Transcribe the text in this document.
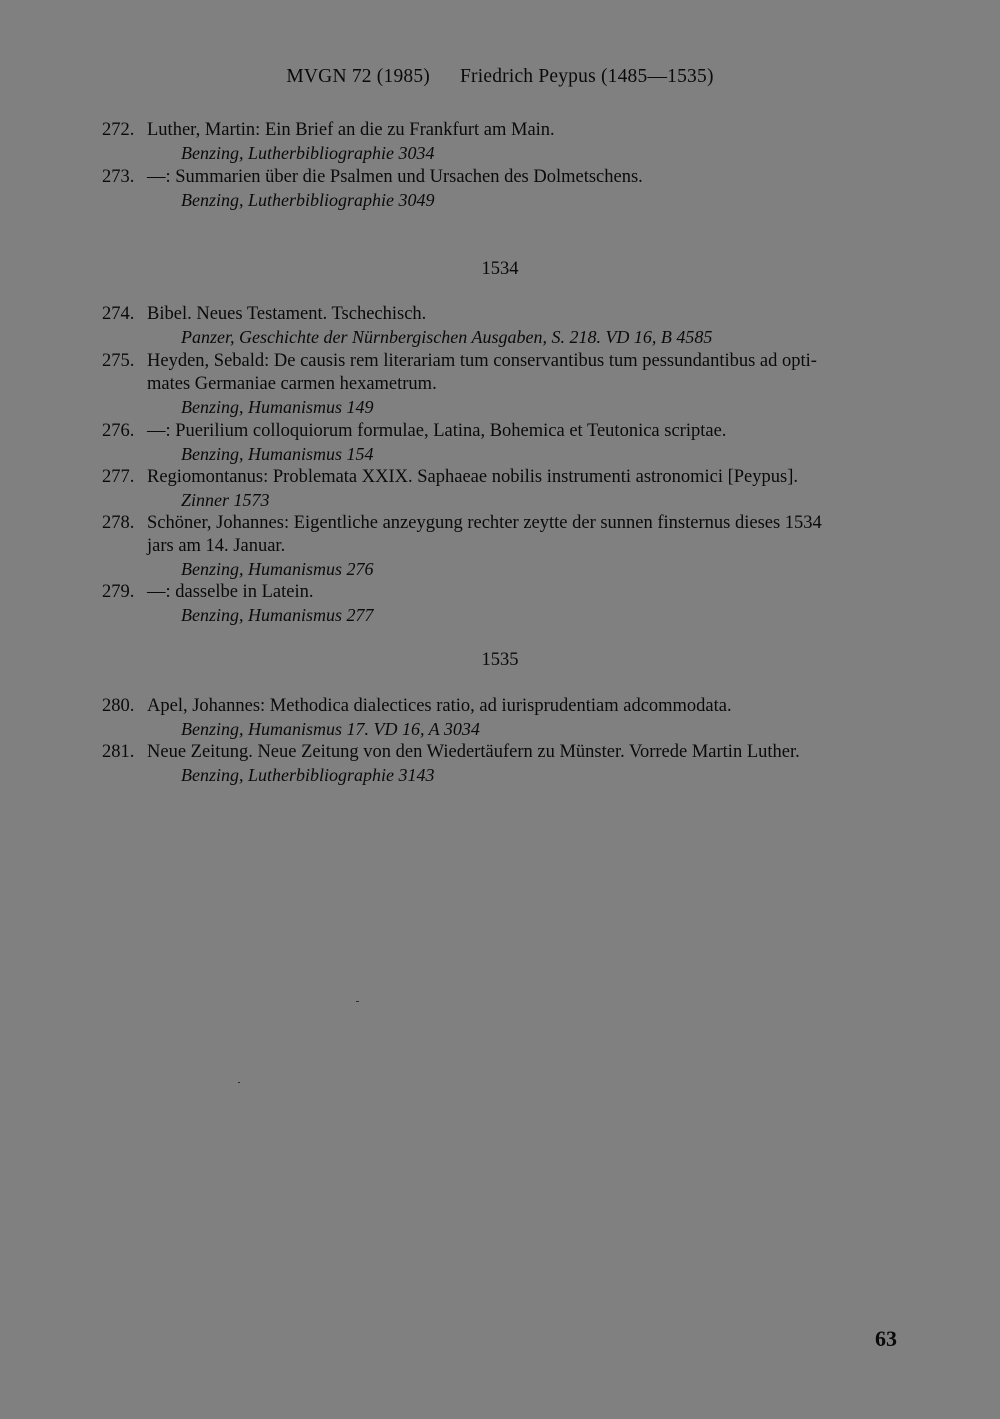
MVGN 72 (1985) Friedrich Peypus (1485—1535)
272. Luther, Martin: Ein Brief an die zu Frankfurt am Main.
Benzing, Lutherbibliographie 3034
273. —: Summarien über die Psalmen und Ursachen des Dolmetschens.
Benzing, Lutherbibliographie 3049
1534
274. Bibel. Neues Testament. Tschechisch.
Panzer, Geschichte der Nürnbergischen Ausgaben, S. 218. VD 16, B 4585
275. Heyden, Sebald: De causis rem literariam tum conservantibus tum pessundantibus ad opti-
mates Germaniae carmen hexametrum.
Benzing, Humanismus 149
276. —: Puerilium colloquiorum formulae, Latina, Bohemica et Teutonica scriptae.
Benzing, Humanismus 154
277. Regiomontanus: Problemata XXIX. Saphaeae nobilis instrumenti astronomici [Peypus].
Zinner 1573
278. Schöner, Johannes: Eigentliche anzeygung rechter zeytte der sunnen finsternus dieses 1534
jars am 14. Januar.
Benzing, Humanismus 276
279. —: dasselbe in Latein.
Benzing, Humanismus 277
1535
280. Apel, Johannes: Methodica dialectices ratio, ad iurisprudentiam adcommodata.
Benzing, Humanismus 17. VD 16, A 3034
281. Neue Zeitung. Neue Zeitung von den Wiedertäufern zu Münster. Vorrede Martin Luther.
Benzing, Lutherbibliographie 3143
63
